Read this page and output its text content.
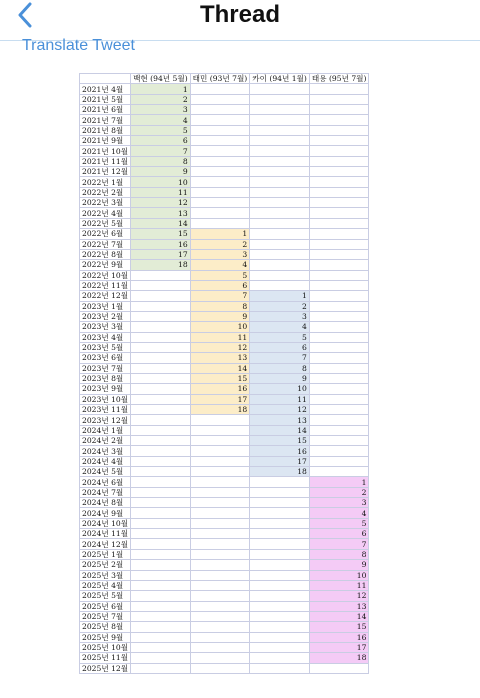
Thread
Translate Tweet
	백현 (94년 5월)	태민 (93년 7월)	카이 (94년 1월)	태용 (95년 7월)
2021년 4월	1			
2021년 5월	2			
2021년 6월	3			
2021년 7월	4			
2021년 8월	5			
2021년 9월	6			
2021년 10월	7			
2021년 11월	8			
2021년 12월	9			
2022년 1월	10			
2022년 2월	11			
2022년 3월	12			
2022년 4월	13			
2022년 5월	14			
2022년 6월	15	1		
2022년 7월	16	2		
2022년 8월	17	3		
2022년 9월	18	4		
2022년 10월		5		
2022년 11월		6		
2022년 12월		7	1	
2023년 1월		8	2	
2023년 2월		9	3	
2023년 3월		10	4	
2023년 4월		11	5	
2023년 5월		12	6	
2023년 6월		13	7	
2023년 7월		14	8	
2023년 8월		15	9	
2023년 9월		16	10	
2023년 10월		17	11	
2023년 11월		18	12	
2023년 12월			13	
2024년 1월			14	
2024년 2월			15	
2024년 3월			16	
2024년 4월			17	
2024년 5월			18	
2024년 6월				1
2024년 7월				2
2024년 8월				3
2024년 9월				4
2024년 10월				5
2024년 11월				6
2024년 12월				7
2025년 1월				8
2025년 2월				9
2025년 3월				10
2025년 4월				11
2025년 5월				12
2025년 6월				13
2025년 7월				14
2025년 8월				15
2025년 9월				16
2025년 10월				17
2025년 11월				18
2025년 12월				
